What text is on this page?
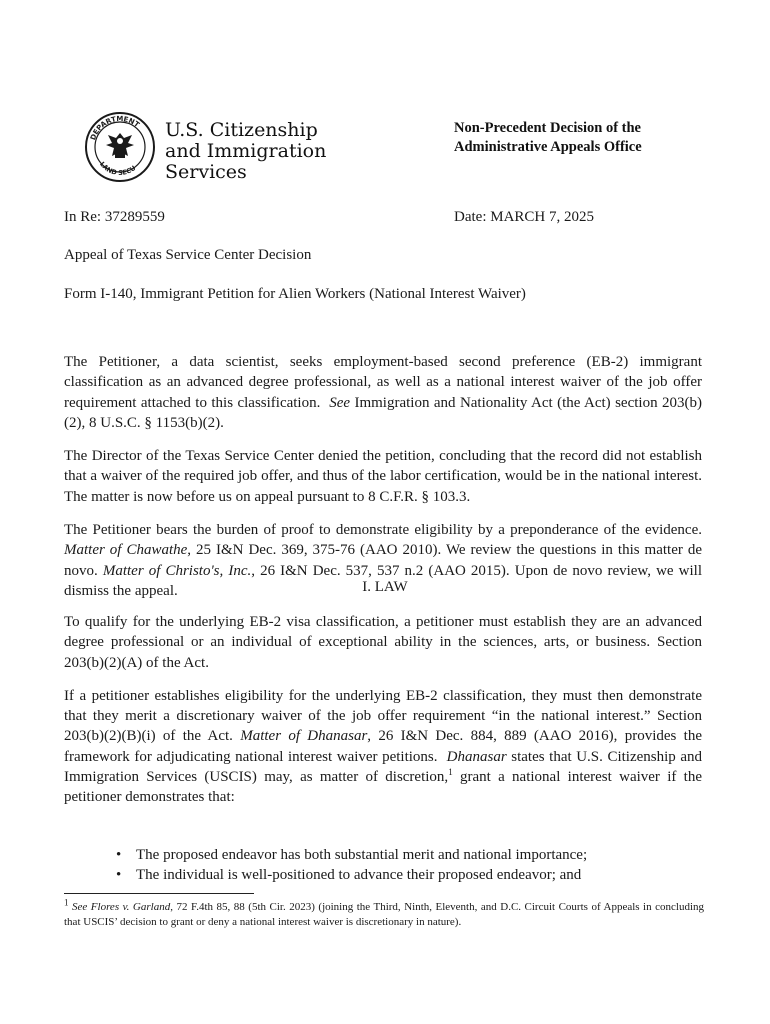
DEPARTMENT
LAND SECU
U.S. Citizenship
and Immigration
Services
Non-Precedent Decision of the
Administrative Appeals Office
In Re: 37289559	Date: MARCH 7, 2025
Appeal of Texas Service Center Decision
Form I-140, Immigrant Petition for Alien Workers (National Interest Waiver)

The Petitioner, a data scientist, seeks employment-based second preference (EB-2) immigrant classification as an advanced degree professional, as well as a national interest waiver of the job offer requirement attached to this classification. See Immigration and Nationality Act (the Act) section 203(b)(2), 8 U.S.C. § 1153(b)(2).

The Director of the Texas Service Center denied the petition, concluding that the record did not establish that a waiver of the required job offer, and thus of the labor certification, would be in the national interest. The matter is now before us on appeal pursuant to 8 C.F.R. § 103.3.

The Petitioner bears the burden of proof to demonstrate eligibility by a preponderance of the evidence. Matter of Chawathe, 25 I&N Dec. 369, 375-76 (AAO 2010). We review the questions in this matter de novo. Matter of Christo's, Inc., 26 I&N Dec. 537, 537 n.2 (AAO 2015). Upon de novo review, we will dismiss the appeal.	I. LAW

To qualify for the underlying EB-2 visa classification, a petitioner must establish they are an advanced degree professional or an individual of exceptional ability in the sciences, arts, or business. Section 203(b)(2)(A) of the Act.

If a petitioner establishes eligibility for the underlying EB-2 classification, they must then demonstrate that they merit a discretionary waiver of the job offer requirement “in the national interest.” Section 203(b)(2)(B)(i) of the Act. Matter of Dhanasar, 26 I&N Dec. 884, 889 (AAO 2016), provides the framework for adjudicating national interest waiver petitions. Dhanasar states that U.S. Citizenship and Immigration Services (USCIS) may, as matter of discretion,$^1$ grant a national interest waiver if the petitioner demonstrates that:

• The proposed endeavor has both substantial merit and national importance;
• The individual is well-positioned to advance their proposed endeavor; and
$^1$ See Flores v. Garland, 72 F.4th 85, 88 (5th Cir. 2023) (joining the Third, Ninth, Eleventh, and D.C. Circuit Courts of Appeals in concluding that USCIS’ decision to grant or deny a national interest waiver is discretionary in nature).
